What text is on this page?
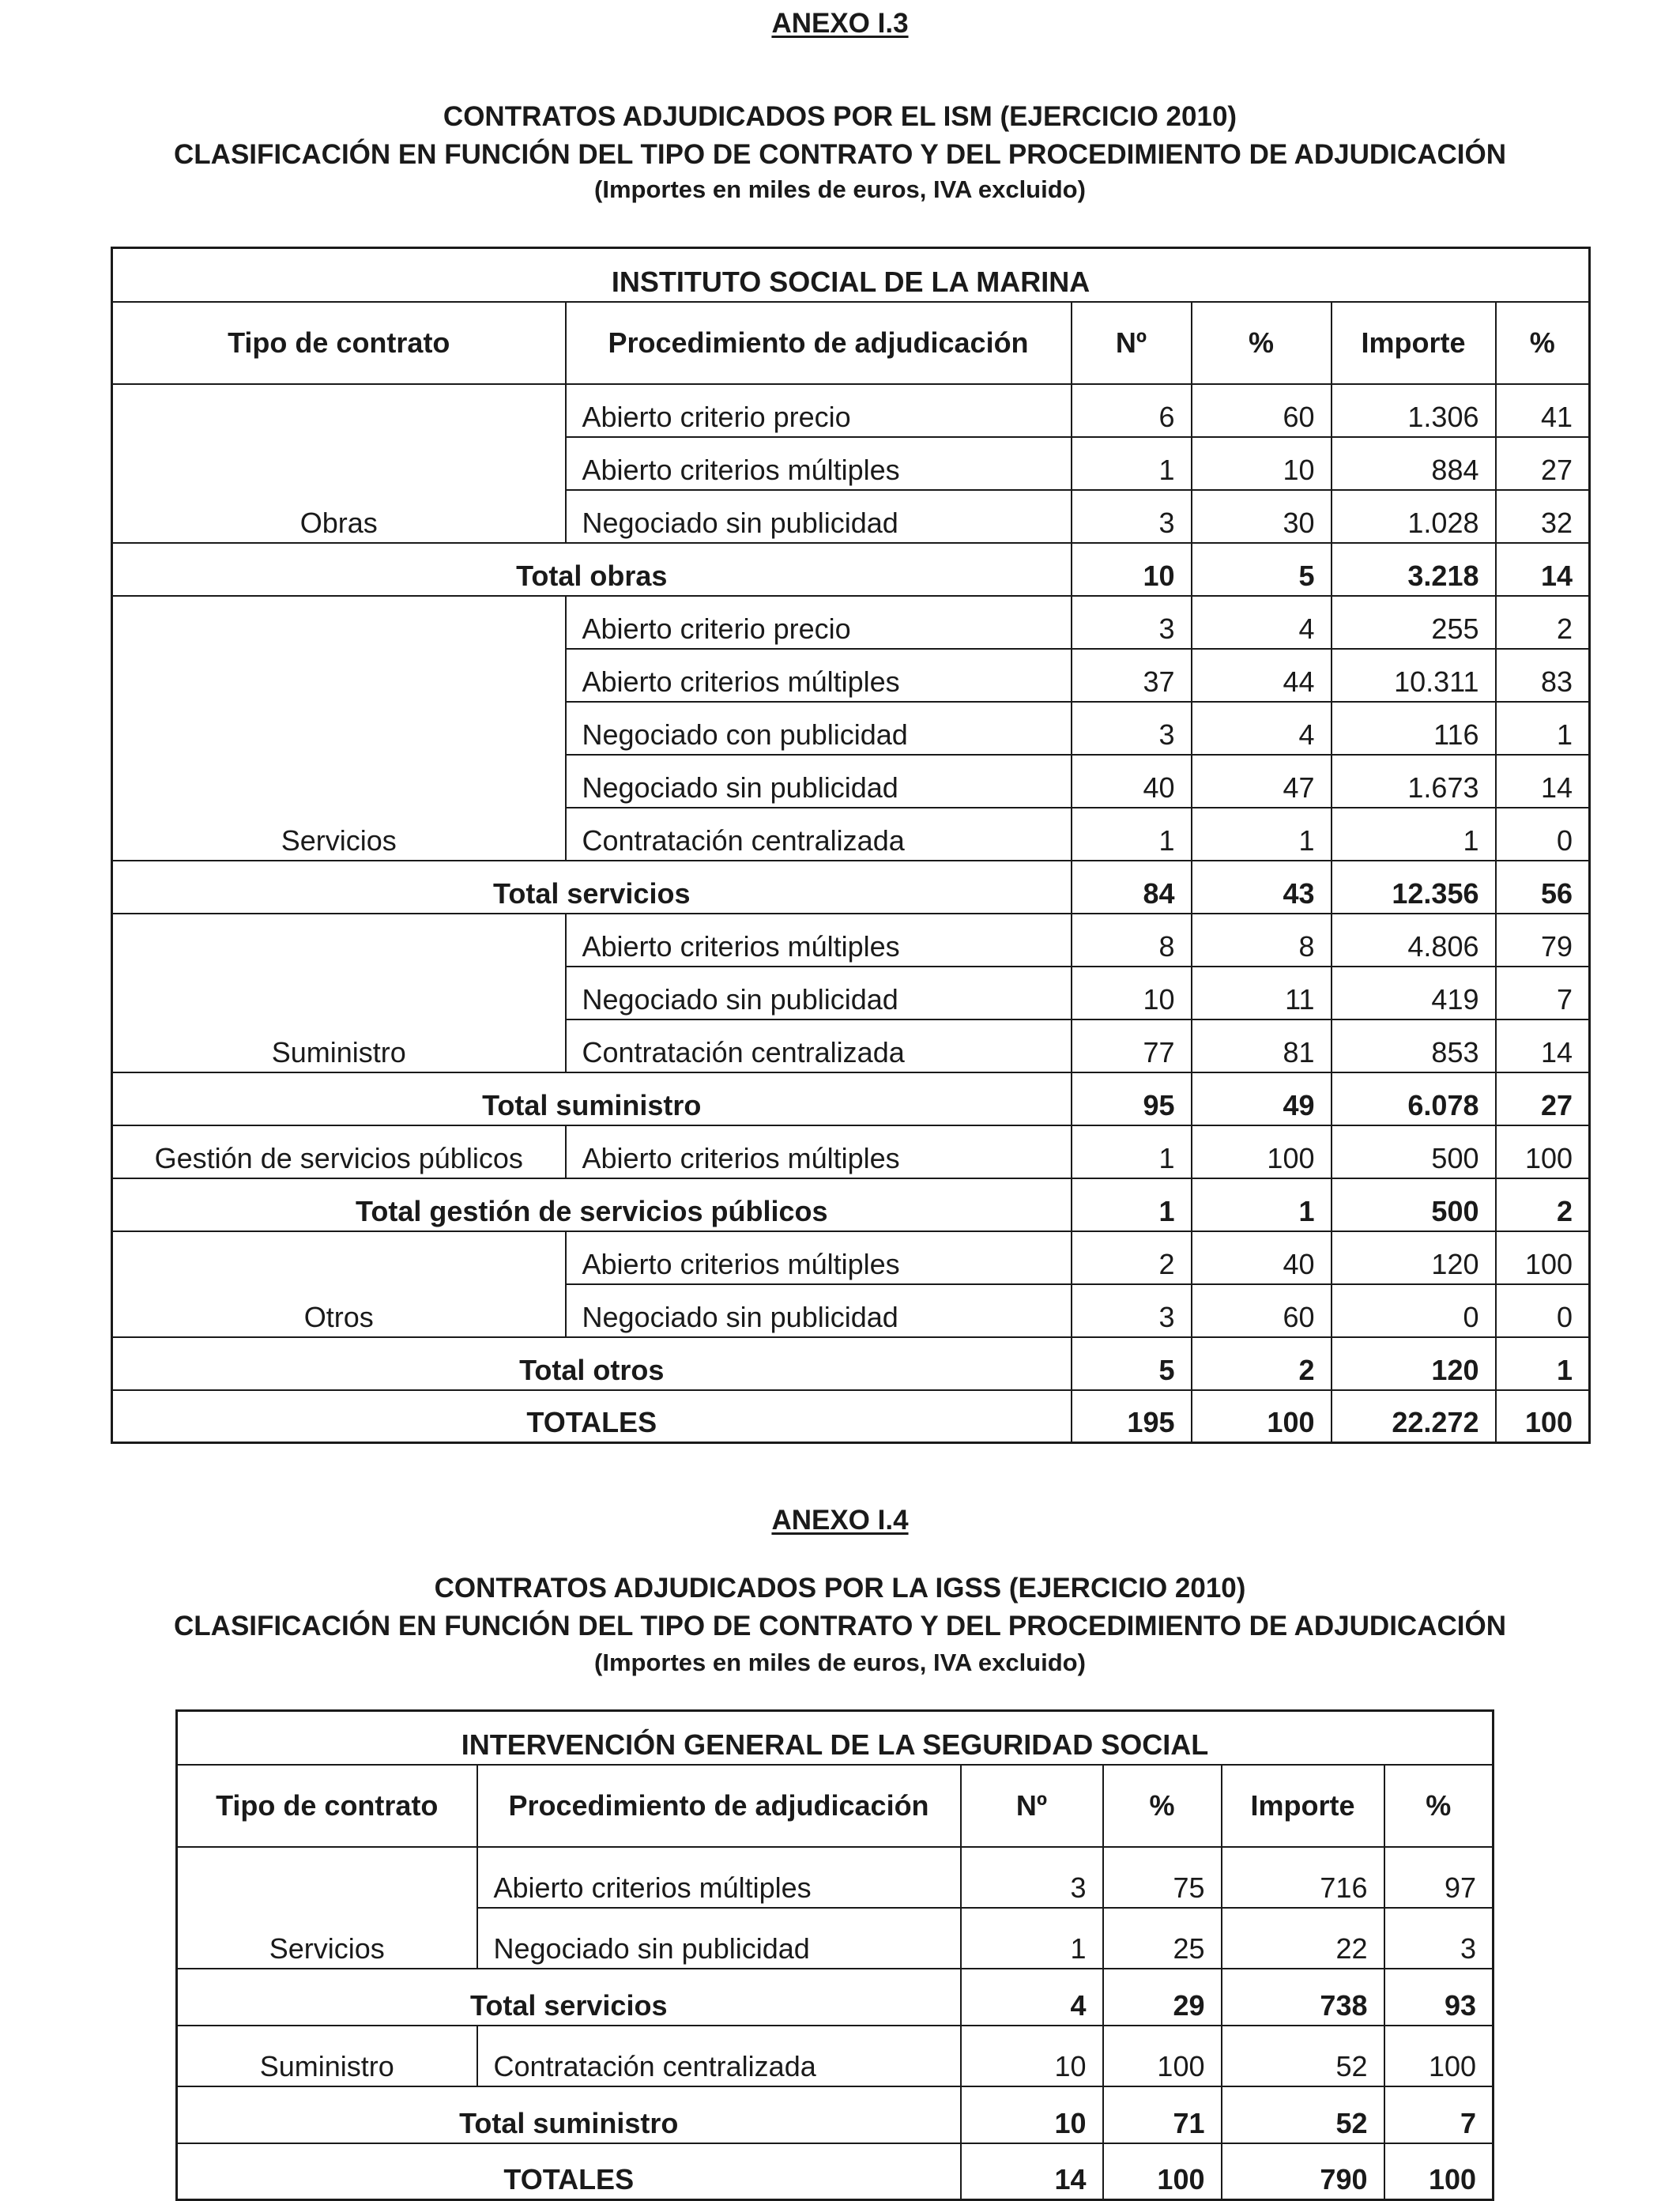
ANEXO I.3
CONTRATOS ADJUDICADOS POR EL ISM (EJERCICIO 2010)
CLASIFICACIÓN EN FUNCIÓN DEL TIPO DE CONTRATO Y DEL PROCEDIMIENTO DE ADJUDICACIÓN
(Importes en miles de euros, IVA excluido)
INSTITUTO SOCIAL DE LA MARINA					
Tipo de contrato	Procedimiento de adjudicación	Nº	%	Importe	%
Obras	Abierto criterio precio	6	60	1.306	41
	Abierto criterios múltiples	1	10	884	27
	Negociado sin publicidad	3	30	1.028	32
Total obras		10	5	3.218	14
Servicios	Abierto criterio precio	3	4	255	2
	Abierto criterios múltiples	37	44	10.311	83
	Negociado con publicidad	3	4	116	1
	Negociado sin publicidad	40	47	1.673	14
	Contratación centralizada	1	1	1	0
Total servicios		84	43	12.356	56
Suministro	Abierto criterios múltiples	8	8	4.806	79
	Negociado sin publicidad	10	11	419	7
	Contratación centralizada	77	81	853	14
Total suministro		95	49	6.078	27
Gestión de servicios públicos	Abierto criterios múltiples	1	100	500	100
Total gestión de servicios públicos		1	1	500	2
Otros	Abierto criterios múltiples	2	40	120	100
	Negociado sin publicidad	3	60	0	0
Total otros		5	2	120	1
TOTALES		195	100	22.272	100
ANEXO I.4
CONTRATOS ADJUDICADOS POR LA IGSS (EJERCICIO 2010)
CLASIFICACIÓN EN FUNCIÓN DEL TIPO DE CONTRATO Y DEL PROCEDIMIENTO DE ADJUDICACIÓN
(Importes en miles de euros, IVA excluido)
INTERVENCIÓN GENERAL DE LA SEGURIDAD SOCIAL					
Tipo de contrato	Procedimiento de adjudicación	Nº	%	Importe	%
Servicios	Abierto criterios múltiples	3	75	716	97
	Negociado sin publicidad	1	25	22	3
Total servicios		4	29	738	93
Suministro	Contratación centralizada	10	100	52	100
Total suministro		10	71	52	7
TOTALES		14	100	790	100
